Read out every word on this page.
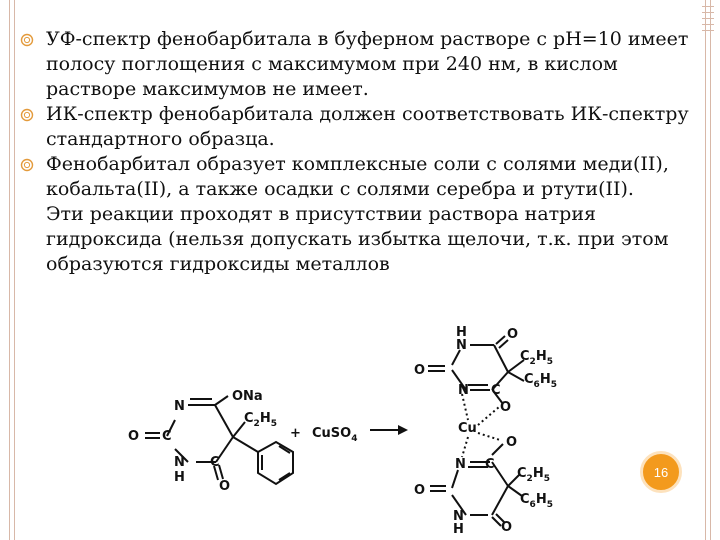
УФ-спектр фенобарбитала в буферном растворе с рН=10 имеет полосу поглощения с максимумом при 240 нм, в кислом растворе максимумов не имеет.
ИК-спектр фенобарбитала должен соответствовать ИК-спектру стандартного образца.
Фенобарбитал образует комплексные соли с солями меди(II), кобальта(II), а также осадки с солями серебра и ртути(II).
Эти реакции проходят в присутствии раствора натрия гидроксида (нельзя допускать избытка щелочи, т.к. при этом образуются гидроксиды металлов
ONa
N
O C
N
H
C
O
$C_2H_5$
+ CuSO$_4$
H
N
O
O
N C
O
Cu
O
N C
O
N
H	O
$C_2H_5$
$C_6H_5$
$C_2H_5$
$C_6H_5$
16
